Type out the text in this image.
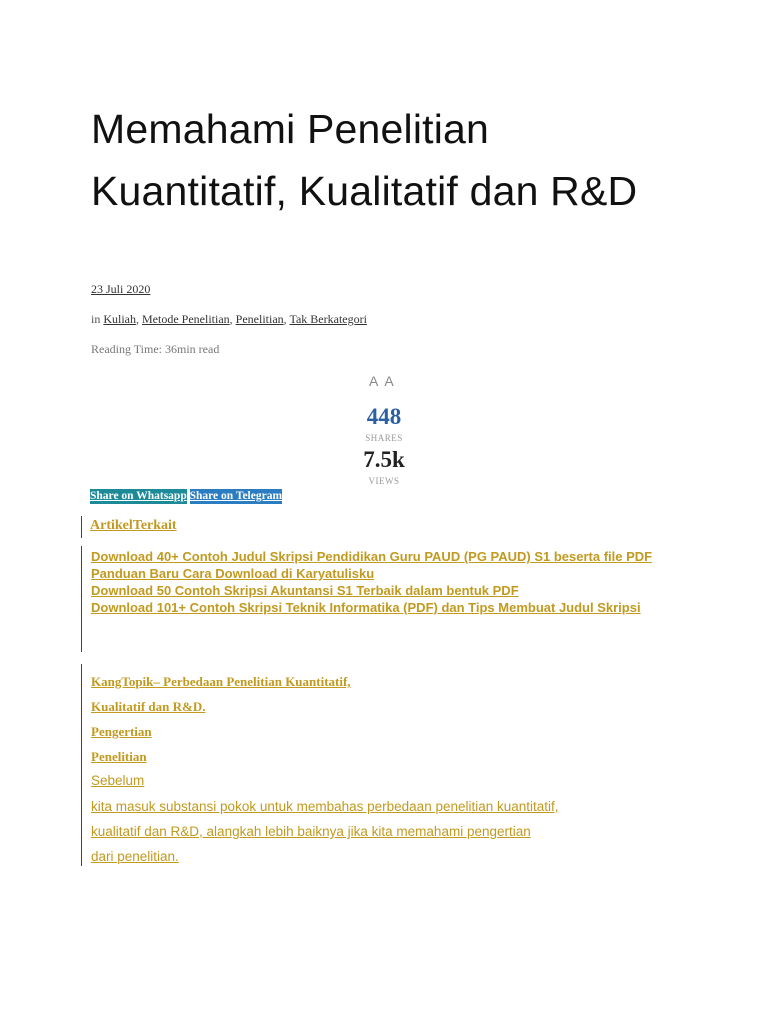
Memahami Penelitian Kuantitatif, Kualitatif dan R&D
23 Juli 2020
in Kuliah, Metode Penelitian, Penelitian, Tak Berkategori
Reading Time: 36min read
A A
448
SHARES
7.5k
VIEWS
Share on Whatsapp Share on Telegram
ArtikelTerkait
Download 40+ Contoh Judul Skripsi Pendidikan Guru PAUD (PG PAUD) S1 beserta file PDF
Panduan Baru Cara Download di Karyatulisku
Download 50 Contoh Skripsi Akuntansi S1 Terbaik dalam bentuk PDF
Download 101+ Contoh Skripsi Teknik Informatika (PDF) dan Tips Membuat Judul Skripsi
KangTopik– Perbedaan Penelitian Kuantitatif,
Kualitatif dan R&D.
Pengertian
Penelitian
Sebelum
kita masuk substansi pokok untuk membahas perbedaan penelitian kuantitatif,
kualitatif dan R&D, alangkah lebih baiknya jika kita memahami pengertian
dari penelitian.
